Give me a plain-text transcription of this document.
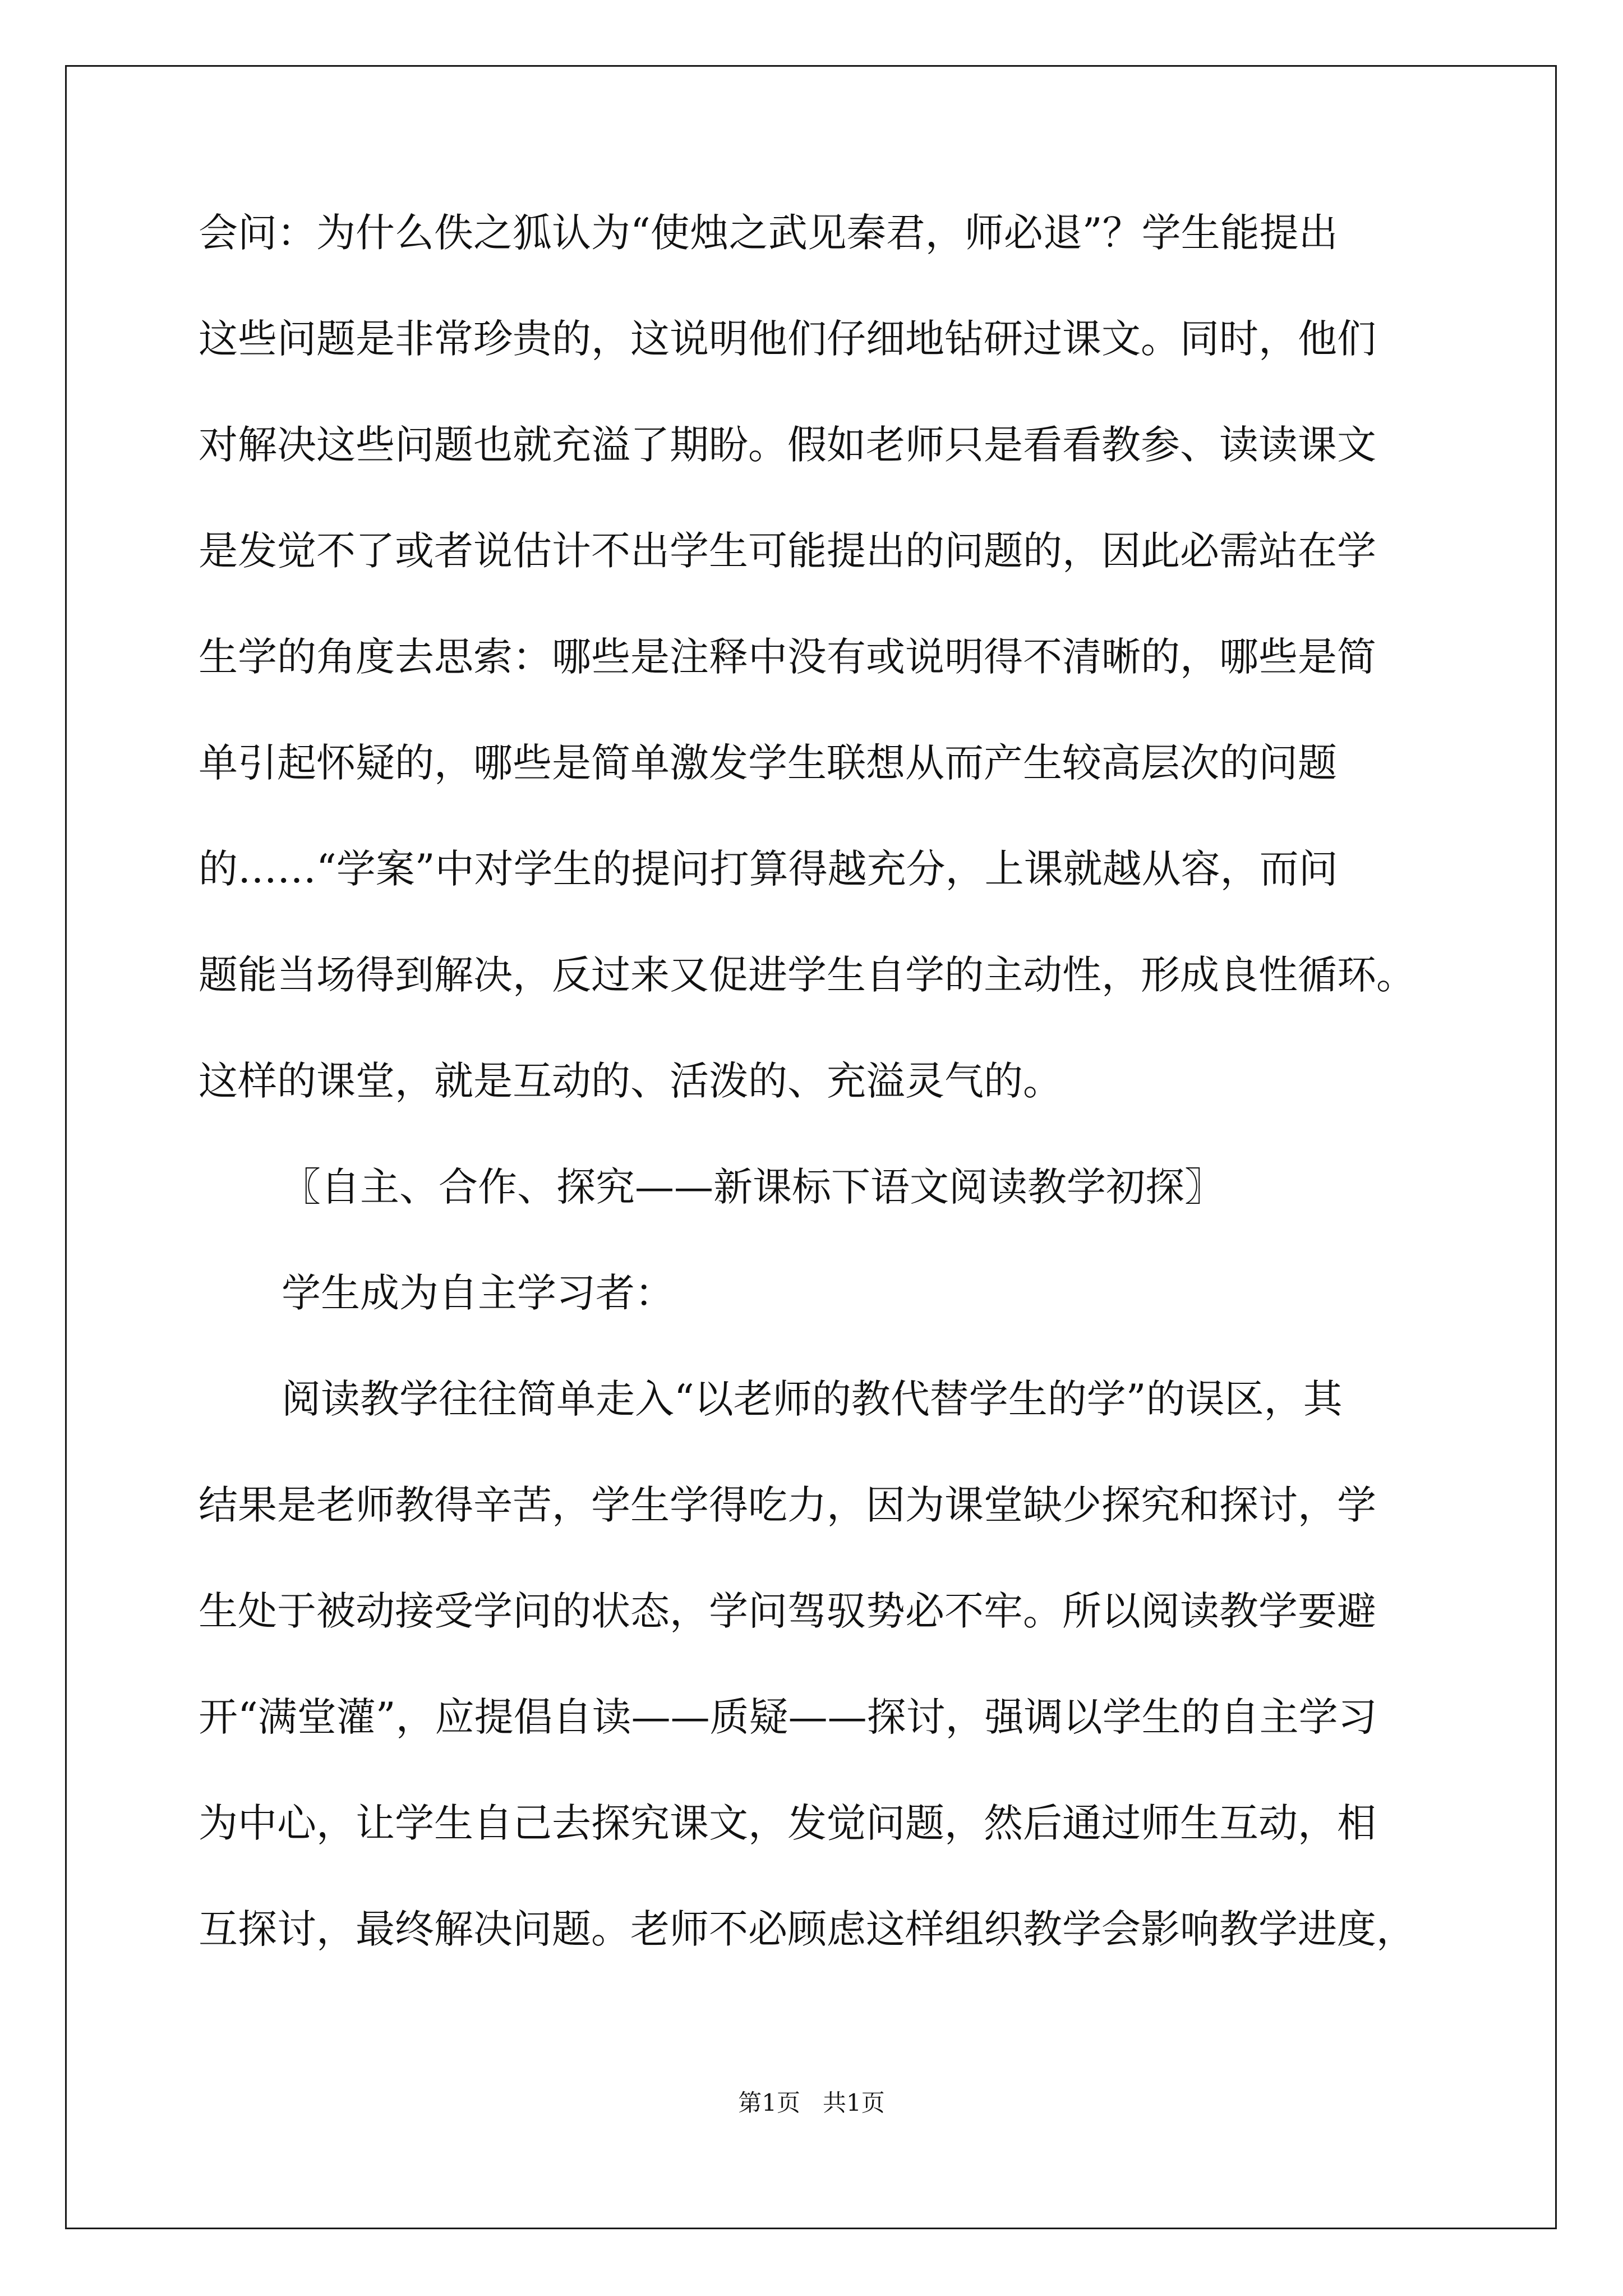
会问：为什么佚之狐认为“使烛之武见秦君，师必退”？学生能提出
这些问题是非常珍贵的，这说明他们仔细地钻研过课文。同时，他们
对解决这些问题也就充溢了期盼。假如老师只是看看教参、读读课文
是发觉不了或者说估计不出学生可能提出的问题的，因此必需站在学
生学的角度去思索：哪些是注释中没有或说明得不清晰的，哪些是简
单引起怀疑的，哪些是简单激发学生联想从而产生较高层次的问题
的……“学案”中对学生的提问打算得越充分，上课就越从容，而问
题能当场得到解决，反过来又促进学生自学的主动性，形成良性循环。
这样的课堂，就是互动的、活泼的、充溢灵气的。
〖自主、合作、探究——新课标下语文阅读教学初探〗
学生成为自主学习者：
阅读教学往往简单走入“以老师的教代替学生的学”的误区，其
结果是老师教得辛苦，学生学得吃力，因为课堂缺少探究和探讨，学
生处于被动接受学问的状态，学问驾驭势必不牢。所以阅读教学要避
开“满堂灌”，应提倡自读——质疑——探讨，强调以学生的自主学习
为中心，让学生自己去探究课文，发觉问题，然后通过师生互动，相
互探讨，最终解决问题。老师不必顾虑这样组织教学会影响教学进度，
第1页   共1页
